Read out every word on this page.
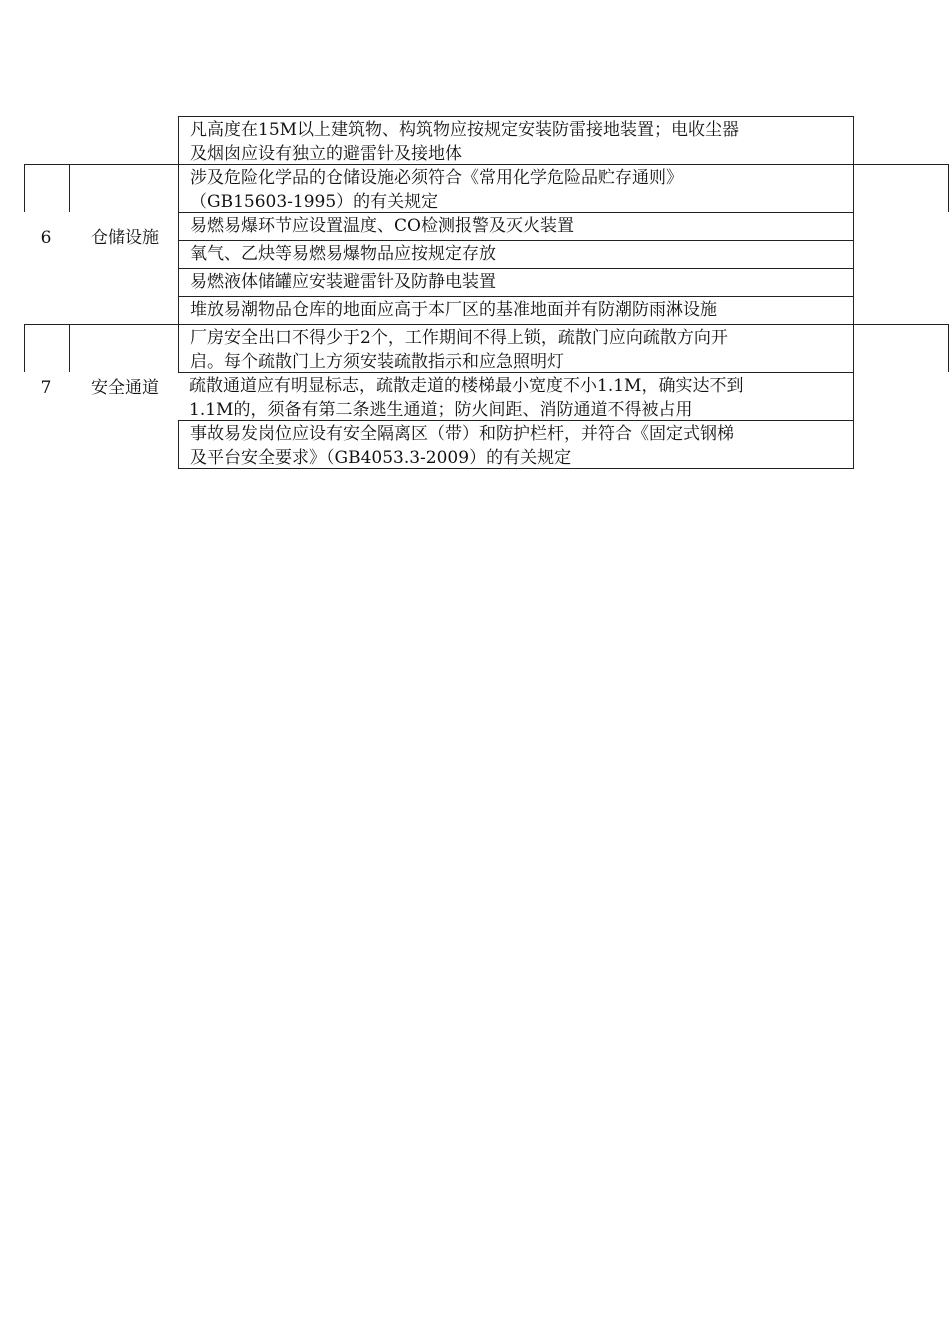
凡高度在15M以上建筑物、构筑物应按规定安装防雷接地装置；电收尘器
及烟囱应设有独立的避雷针及接地体
6	仓储设施
涉及危险化学品的仓储设施必须符合《常用化学危险品贮存通则》
（GB15603-1995）的有关规定
易燃易爆环节应设置温度、CO检测报警及灭火装置
氧气、乙炔等易燃易爆物品应按规定存放
易燃液体储罐应安装避雷针及防静电装置
堆放易潮物品仓库的地面应高于本厂区的基准地面并有防潮防雨淋设施
7	安全通道
厂房安全出口不得少于2个，工作期间不得上锁，疏散门应向疏散方向开
启。每个疏散门上方须安装疏散指示和应急照明灯
疏散通道应有明显标志，疏散走道的楼梯最小宽度不小1.1M，确实达不到
1.1M的，须备有第二条逃生通道；防火间距、消防通道不得被占用
事故易发岗位应设有安全隔离区（带）和防护栏杆，并符合《固定式钢梯
及平台安全要求》（GB4053.3-2009）的有关规定
